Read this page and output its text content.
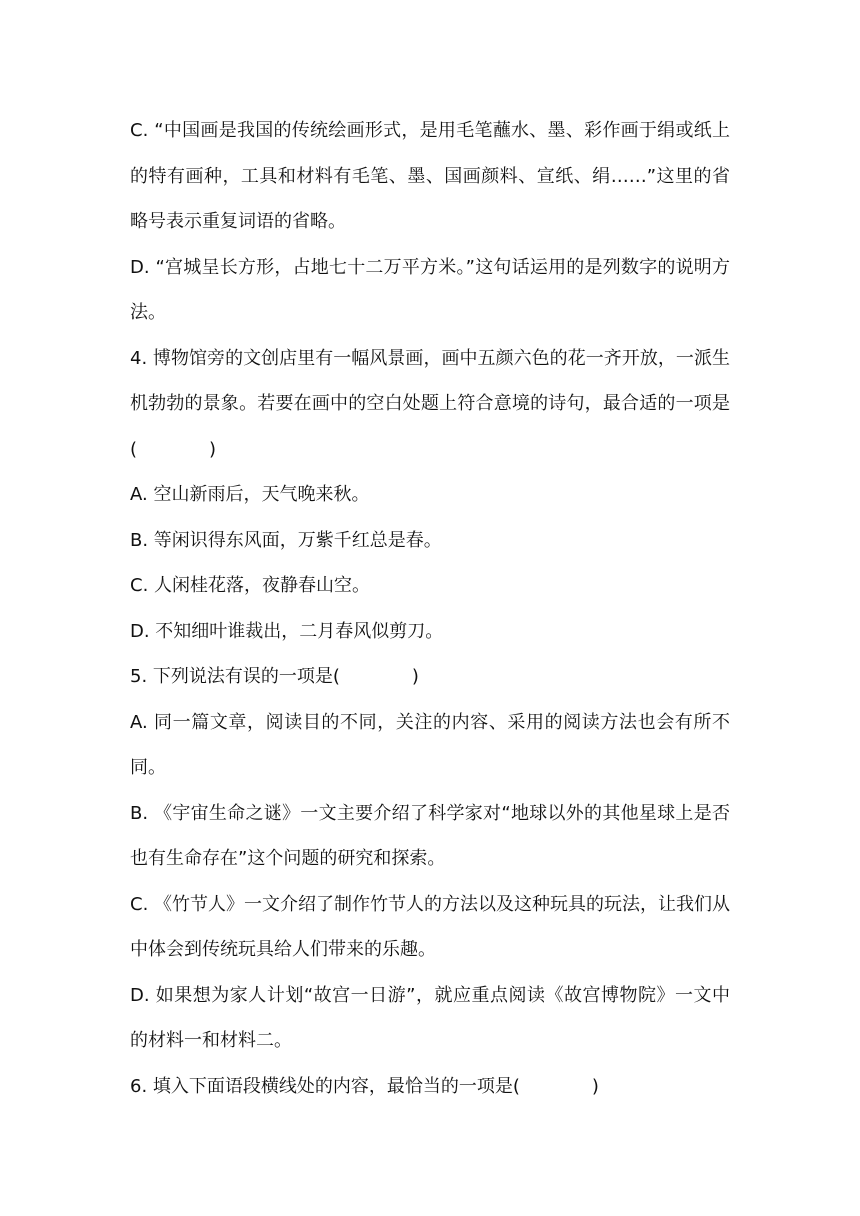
C. “中国画是我国的传统绘画形式，是用毛笔蘸水、墨、彩作画于绢或纸上的特有画种，工具和材料有毛笔、墨、国画颜料、宣纸、绢……”这里的省略号表示重复词语的省略。

D. “宫城呈长方形，占地七十二万平方米。”这句话运用的是列数字的说明方法。

4. 博物馆旁的文创店里有一幅风景画，画中五颜六色的花一齐开放，一派生机勃勃的景象。若要在画中的空白处题上符合意境的诗句，最合适的一项是(　　　　)

A. 空山新雨后，天气晚来秋。

B. 等闲识得东风面，万紫千红总是春。

C. 人闲桂花落，夜静春山空。

D. 不知细叶谁裁出，二月春风似剪刀。

5. 下列说法有误的一项是(　　　　)

A. 同一篇文章，阅读目的不同，关注的内容、采用的阅读方法也会有所不同。

B. 《宇宙生命之谜》一文主要介绍了科学家对“地球以外的其他星球上是否也有生命存在”这个问题的研究和探索。

C. 《竹节人》一文介绍了制作竹节人的方法以及这种玩具的玩法，让我们从中体会到传统玩具给人们带来的乐趣。

D. 如果想为家人计划“故宫一日游”，就应重点阅读《故宫博物院》一文中的材料一和材料二。

6. 填入下面语段横线处的内容，最恰当的一项是(　　　　)
